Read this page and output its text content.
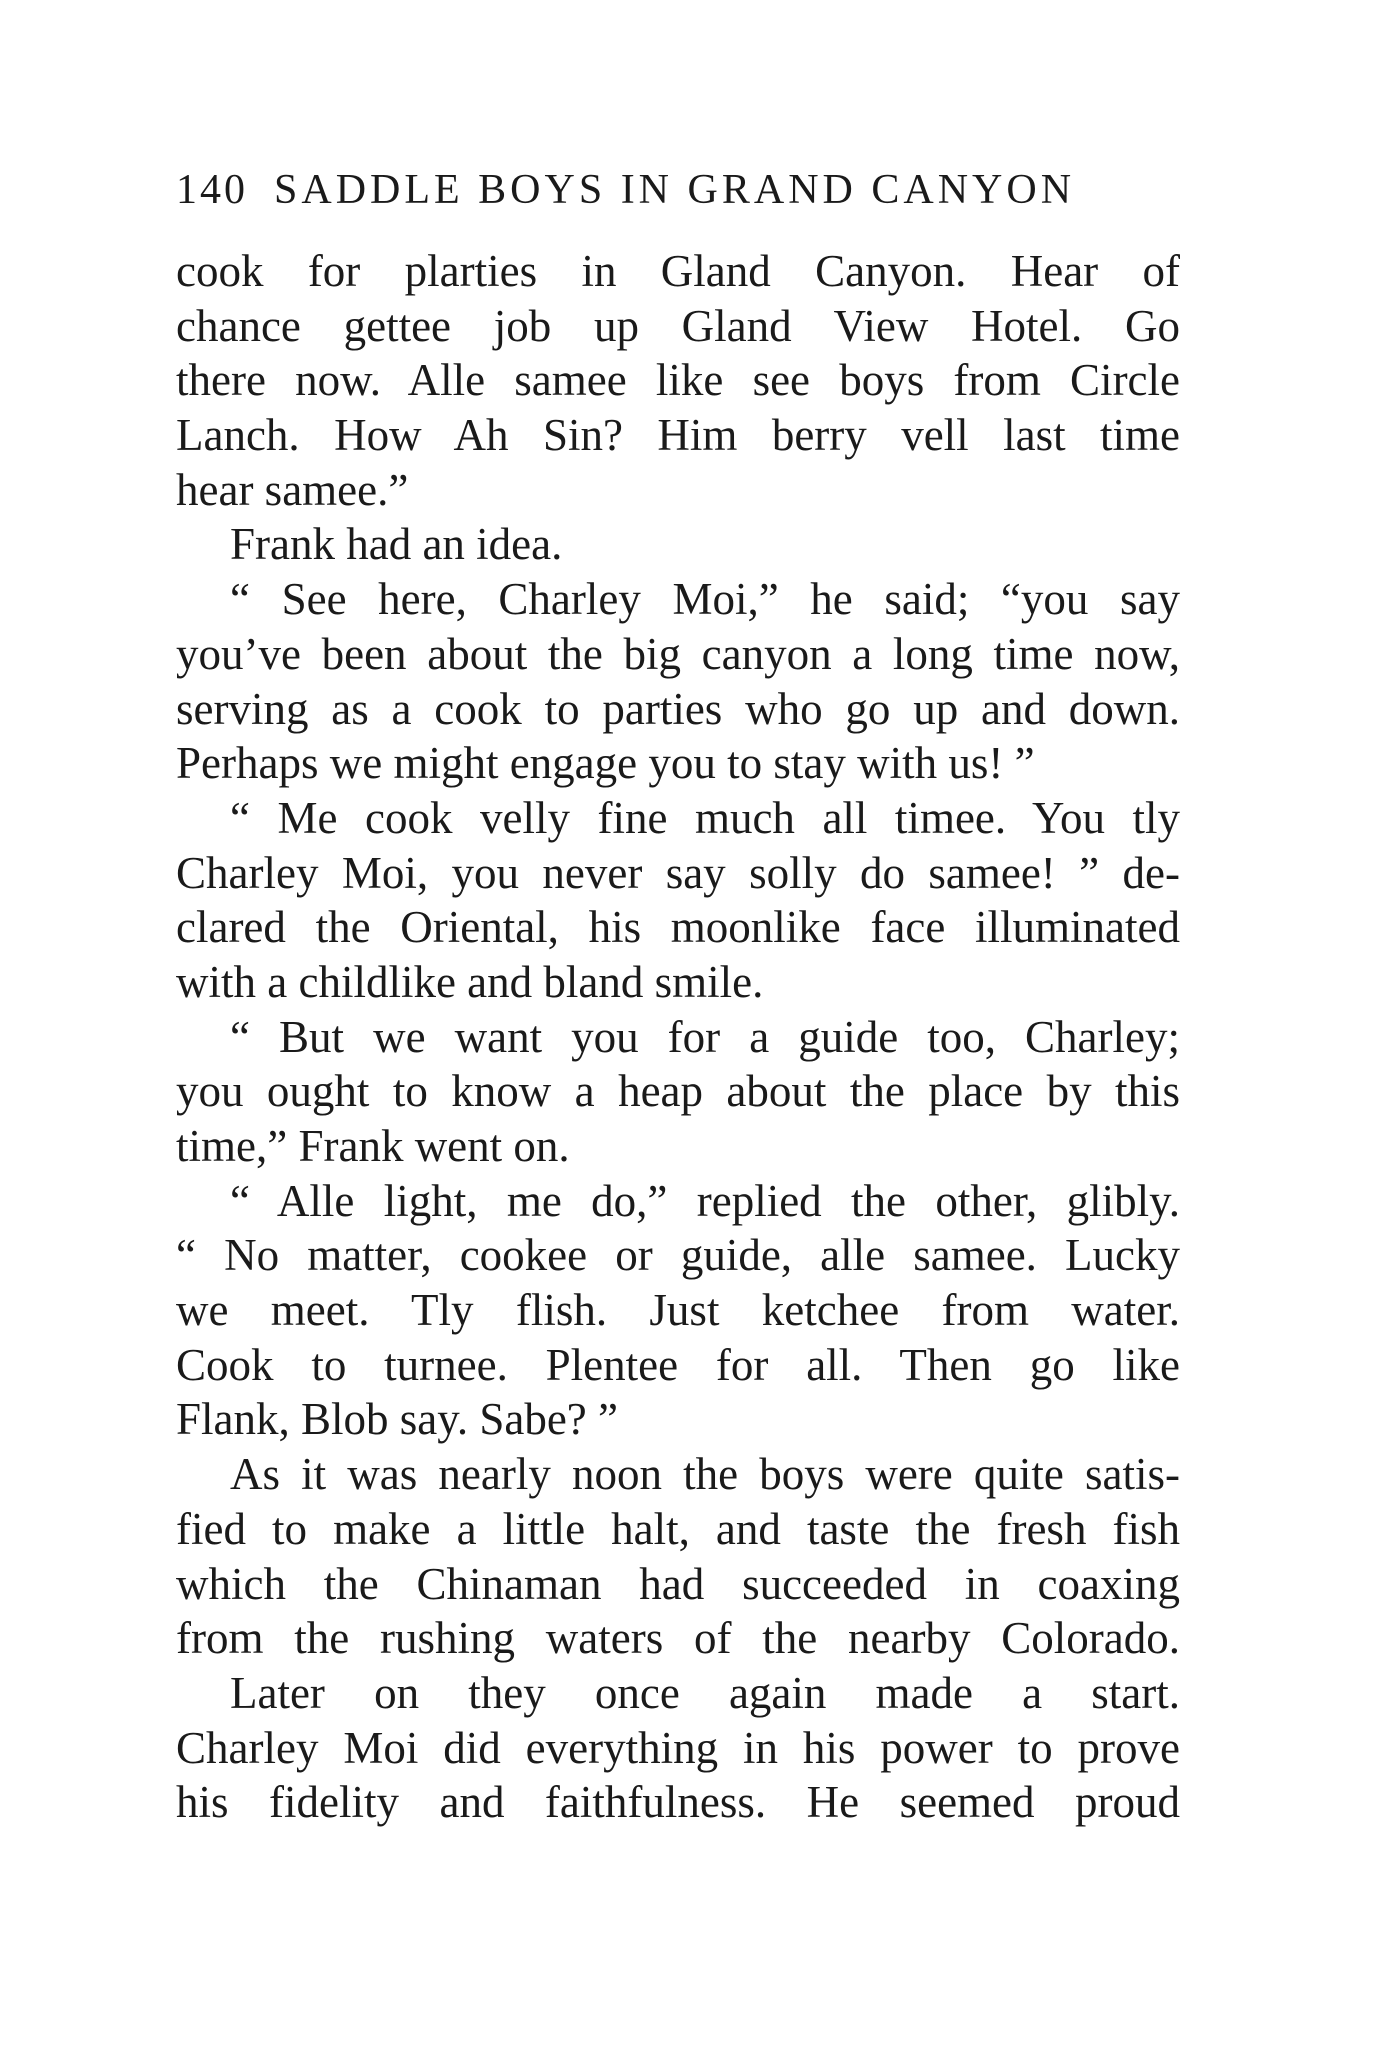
140 SADDLE BOYS IN GRAND CANYON
cook for plarties in Gland Canyon. Hear of
chance gettee job up Gland View Hotel. Go
there now. Alle samee like see boys from Circle
Lanch. How Ah Sin? Him berry vell last time
hear samee.”
Frank had an idea.
“ See here, Charley Moi,” he said; “you say
you’ve been about the big canyon a long time now,
serving as a cook to parties who go up and down.
Perhaps we might engage you to stay with us! ”
“ Me cook velly fine much all timee. You tly
Charley Moi, you never say solly do samee! ” de-
clared the Oriental, his moonlike face illuminated
with a childlike and bland smile.
“ But we want you for a guide too, Charley;
you ought to know a heap about the place by this
time,” Frank went on.
“ Alle light, me do,” replied the other, glibly.
“ No matter, cookee or guide, alle samee. Lucky
we meet. Tly flish. Just ketchee from water.
Cook to turnee. Plentee for all. Then go like
Flank, Blob say. Sabe? ”
As it was nearly noon the boys were quite satis-
fied to make a little halt, and taste the fresh fish
which the Chinaman had succeeded in coaxing
from the rushing waters of the nearby Colorado.
Later on they once again made a start.
Charley Moi did everything in his power to prove
his fidelity and faithfulness. He seemed proud
